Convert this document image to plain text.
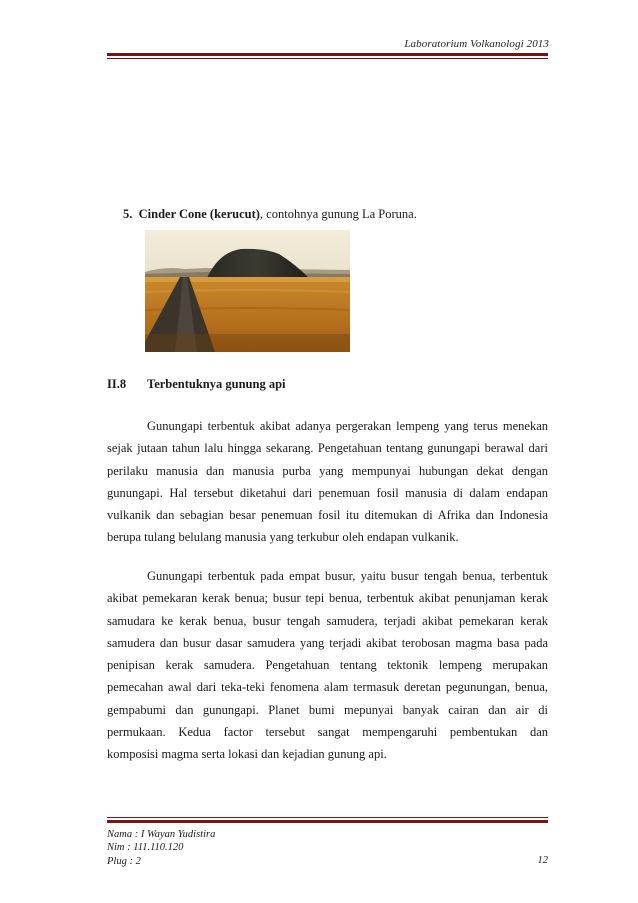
Laboratorium Volkanologi 2013
5. Cinder Cone (kerucut), contohnya gunung La Poruna.
II.8 Terbentuknya gunung api
Gunungapi terbentuk akibat adanya pergerakan lempeng yang terus menekan
sejak jutaan tahun lalu hingga sekarang. Pengetahuan tentang gunungapi berawal dari
perilaku manusia dan manusia purba yang mempunyai hubungan dekat dengan
gunungapi. Hal tersebut diketahui dari penemuan fosil manusia di dalam endapan
vulkanik dan sebagian besar penemuan fosil itu ditemukan di Afrika dan Indonesia
berupa tulang belulang manusia yang terkubur oleh endapan vulkanik.
Gunungapi terbentuk pada empat busur, yaitu busur tengah benua, terbentuk
akibat pemekaran kerak benua; busur tepi benua, terbentuk akibat penunjaman kerak
samudara ke kerak benua, busur tengah samudera, terjadi akibat pemekaran kerak
samudera dan busur dasar samudera yang terjadi akibat terobosan magma basa pada
penipisan kerak samudera. Pengetahuan tentang tektonik lempeng merupakan
pemecahan awal dari teka-teki fenomena alam termasuk deretan pegunungan, benua,
gempabumi dan gunungapi. Planet bumi mepunyai banyak cairan dan air di
permukaan. Kedua factor tersebut sangat mempengaruhi pembentukan dan
komposisi magma serta lokasi dan kejadian gunung api.
Nama : I Wayan Yudistira
Nim : 111.110.120
Plug : 2	12
